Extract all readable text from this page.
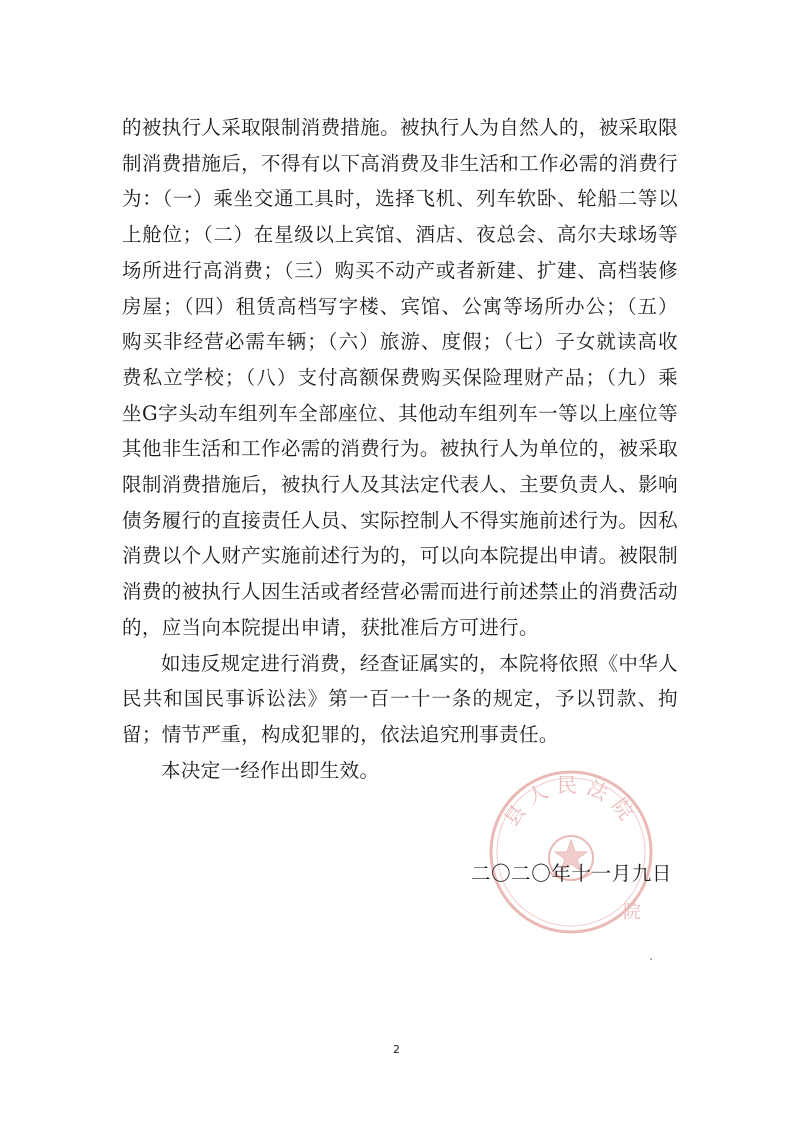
的被执行人采取限制消费措施。被执行人为自然人的，被采取限制消费措施后，不得有以下高消费及非生活和工作必需的消费行为：（一）乘坐交通工具时，选择飞机、列车软卧、轮船二等以上舱位；（二）在星级以上宾馆、酒店、夜总会、高尔夫球场等场所进行高消费；（三）购买不动产或者新建、扩建、高档装修房屋；（四）租赁高档写字楼、宾馆、公寓等场所办公；（五）购买非经营必需车辆；（六）旅游、度假；（七）子女就读高收费私立学校；（八）支付高额保费购买保险理财产品；（九）乘坐G字头动车组列车全部座位、其他动车组列车一等以上座位等其他非生活和工作必需的消费行为。被执行人为单位的，被采取限制消费措施后，被执行人及其法定代表人、主要负责人、影响债务履行的直接责任人员、实际控制人不得实施前述行为。因私消费以个人财产实施前述行为的，可以向本院提出申请。被限制消费的被执行人因生活或者经营必需而进行前述禁止的消费活动的，应当向本院提出申请，获批准后方可进行。

如违反规定进行消费，经查证属实的，本院将依照《中华人民共和国民事诉讼法》第一百一十一条的规定，予以罚款、拘留；情节严重，构成犯罪的，依法追究刑事责任。

本决定一经作出即生效。

县人民法院
院
二〇二〇年十一月九日
2
